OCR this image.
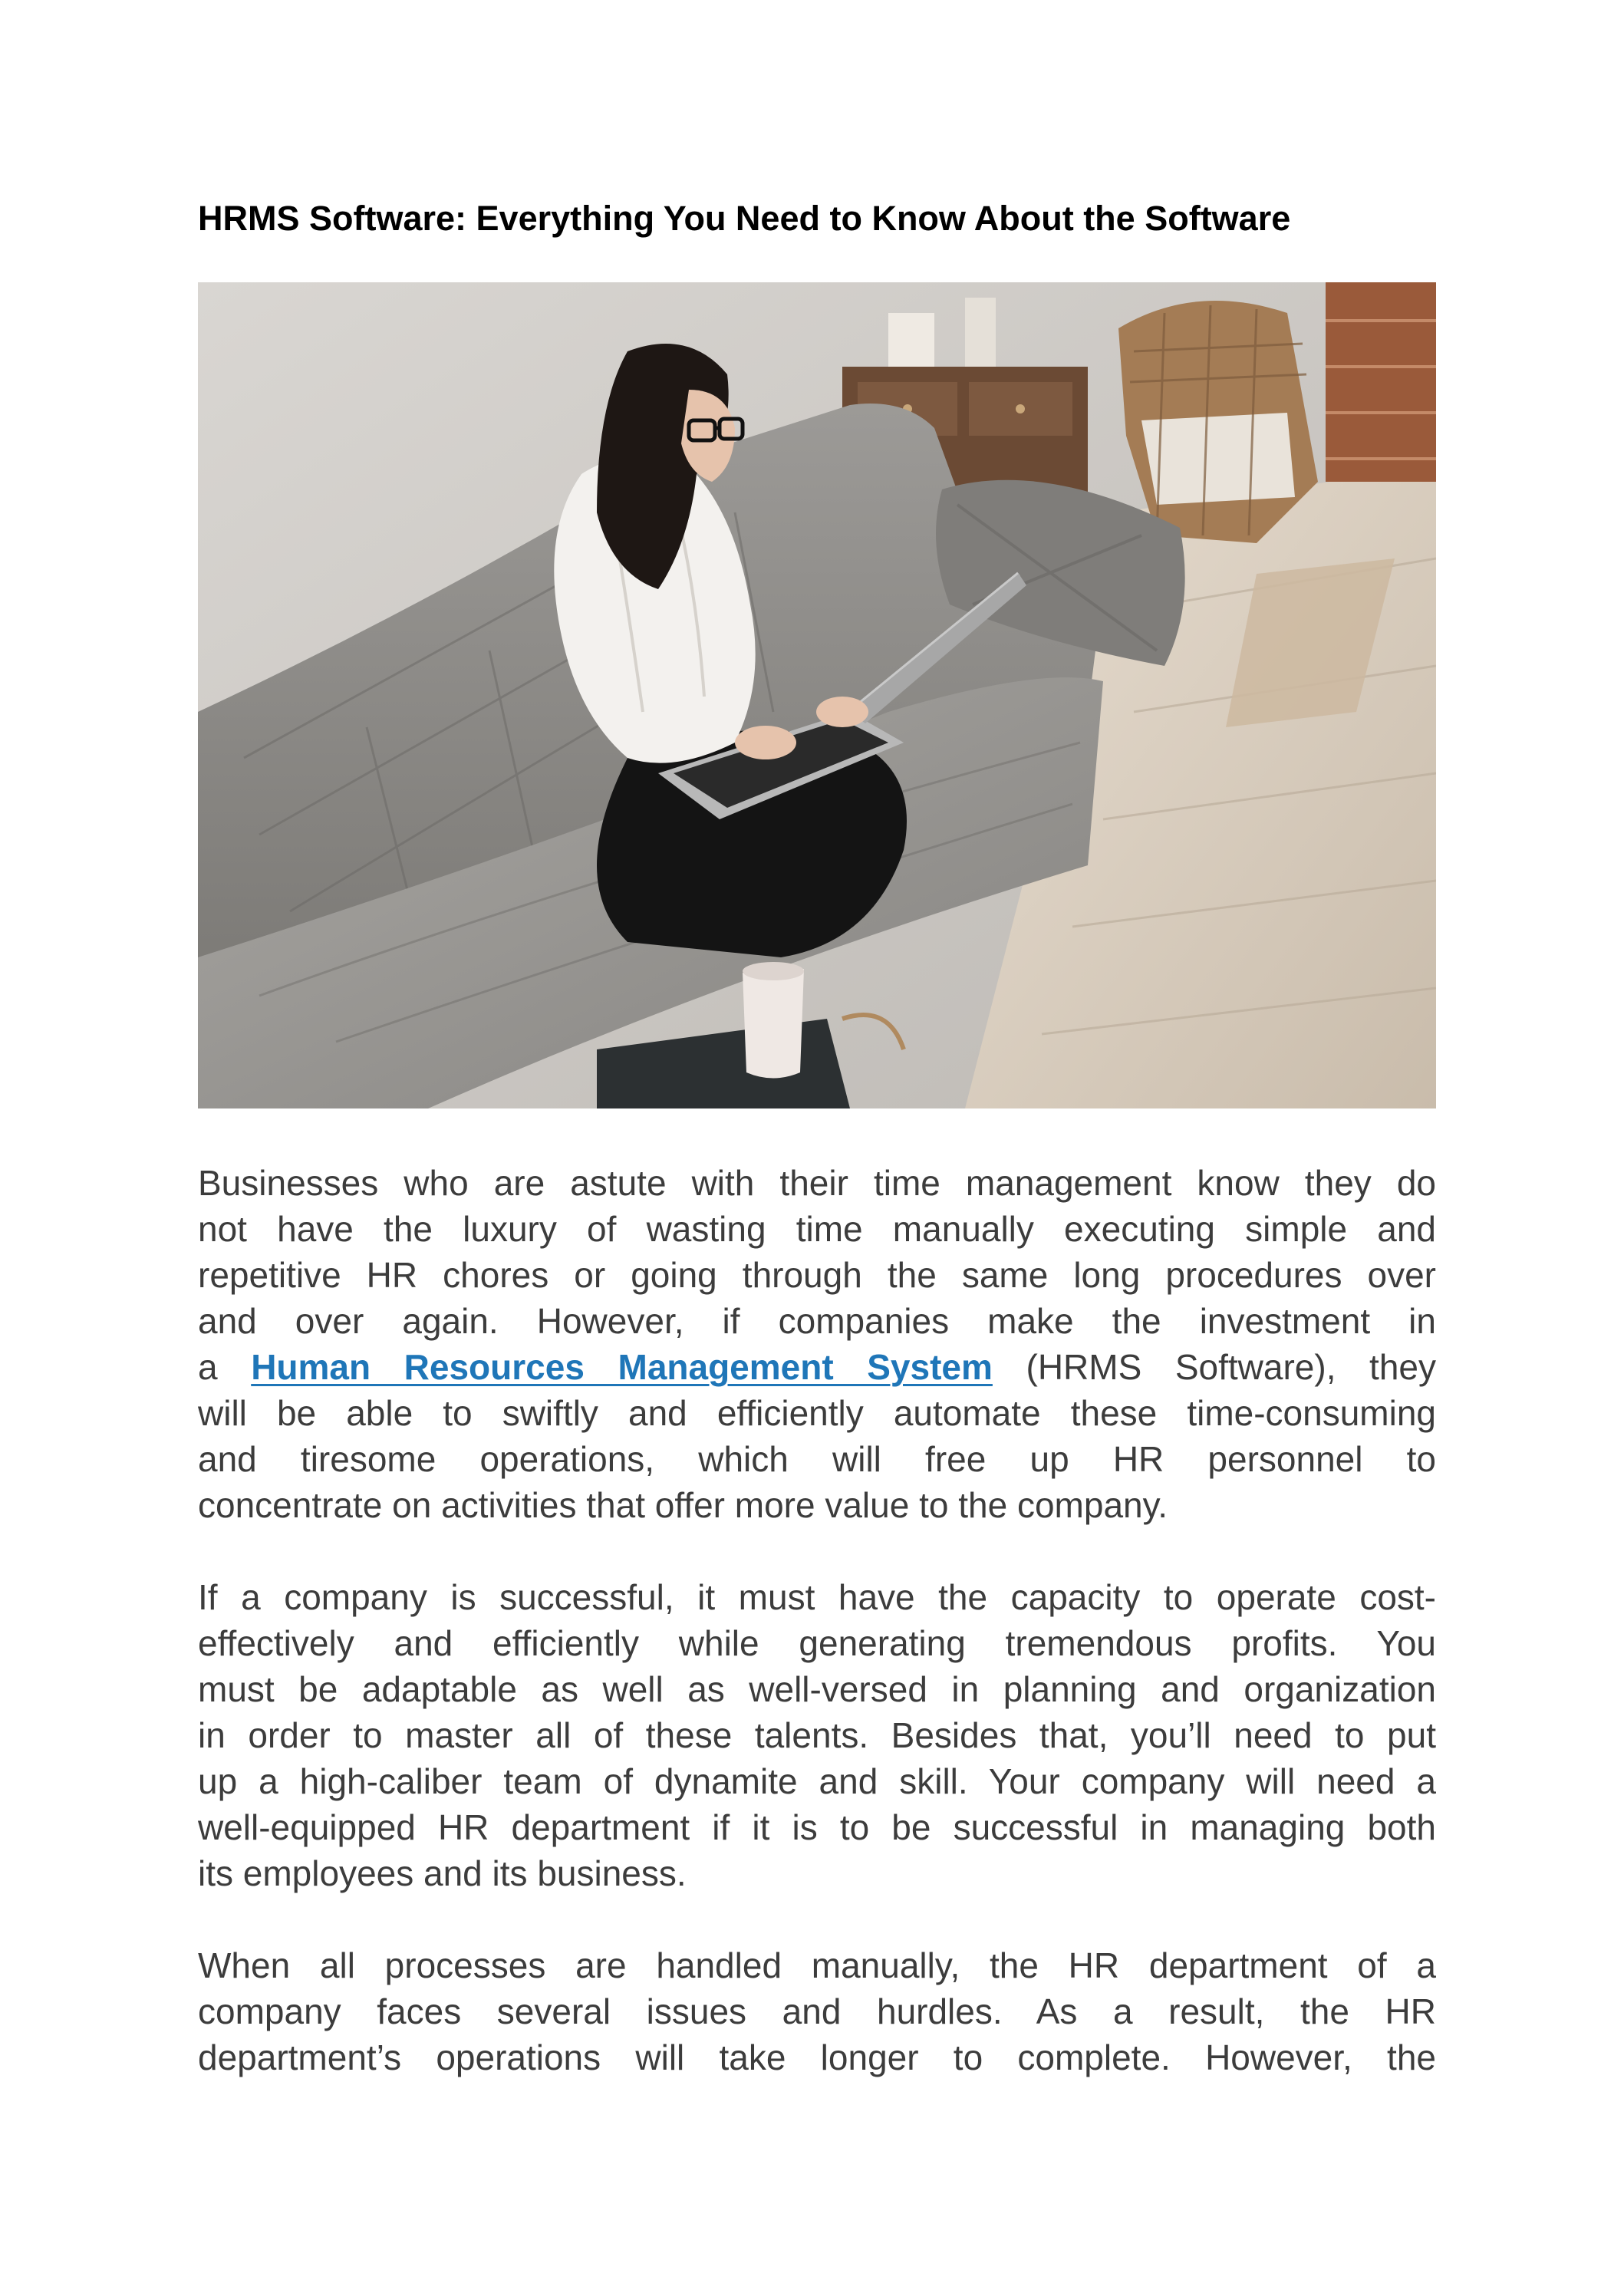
HRMS Software: Everything You Need to Know About the Software
Businesses who are astute with their time management know they do
not have the luxury of wasting time manually executing simple and
repetitive HR chores or going through the same long procedures over
and over again. However, if companies make the investment in
a Human Resources Management System (HRMS Software), they
will be able to swiftly and efficiently automate these time-consuming
and tiresome operations, which will free up HR personnel to
concentrate on activities that offer more value to the company.
If a company is successful, it must have the capacity to operate cost-
effectively and efficiently while generating tremendous profits. You
must be adaptable as well as well-versed in planning and organization
in order to master all of these talents. Besides that, you’ll need to put
up a high-caliber team of dynamite and skill. Your company will need a
well-equipped HR department if it is to be successful in managing both
its employees and its business.
When all processes are handled manually, the HR department of a
company faces several issues and hurdles. As a result, the HR
department’s operations will take longer to complete. However, the
